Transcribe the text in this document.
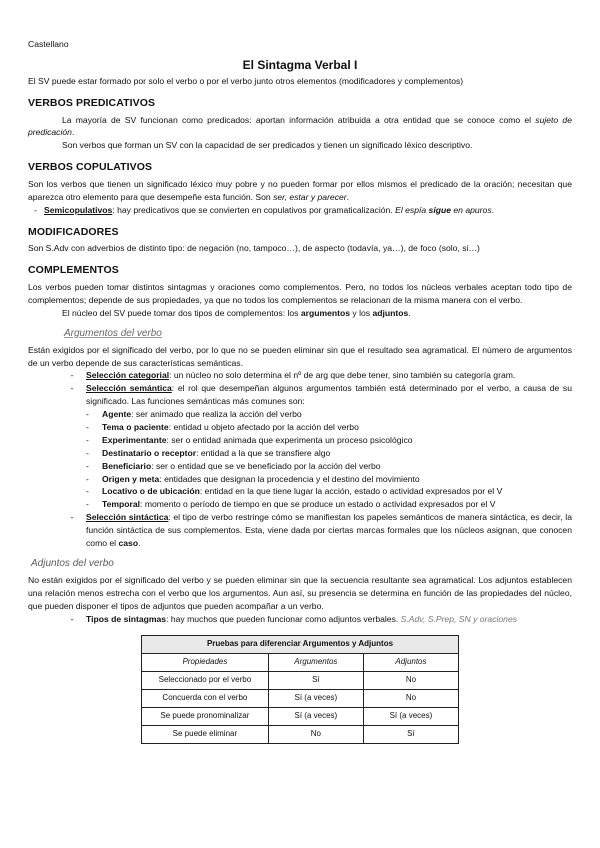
Castellano
El Sintagma Verbal I

El SV puede estar formado por solo el verbo o por el verbo junto otros elementos (modificadores y complementos)

VERBOS PREDICATIVOS

La mayoría de SV funcionan como predicados: aportan información atribuida a otra entidad que se conoce como el sujeto de predicación.

Son verbos que forman un SV con la capacidad de ser predicados y tienen un significado léxico descriptivo.

VERBOS COPULATIVOS

Son los verbos que tienen un significado léxico muy pobre y no pueden formar por ellos mismos el predicado de la oración; necesitan que aparezca otro elemento para que desempeñe esta función. Son ser, estar y parecer.

- Semicopulativos: hay predicativos que se convierten en copulativos por gramaticalización. El espía sigue en apuros.
MODIFICADORES

Son S.Adv con adverbios de distinto tipo: de negación (no, tampoco…), de aspecto (todavía, ya…), de foco (solo, si…)

COMPLEMENTOS

Los verbos pueden tomar distintos sintagmas y oraciones como complementos. Pero, no todos los núcleos verbales aceptan todo tipo de complementos; depende de sus propiedades, ya que no todos los complementos se relacionan de la misma manera con el verbo.

El núcleo del SV puede tomar dos tipos de complementos: los argumentos y los adjuntos.

Argumentos del verbo

Están exigidos por el significado del verbo, por lo que no se pueden eliminar sin que el resultado sea agramatical. El número de argumentos de un verbo depende de sus características semánticas.

-	Selección categorial: un núcleo no solo determina el nº de arg que debe tener, sino también su categoría gram.
-	Selección semántica: el rol que desempeñan algunos argumentos también está determinado por el verbo, a causa de su significado. Las funciones semánticas más comunes son:
-	Agente: ser animado que realiza la acción del verbo
-	Tema o paciente: entidad u objeto afectado por la acción del verbo
-	Experimentante: ser o entidad animada que experimenta un proceso psicológico
-	Destinatario o receptor: entidad a la que se transfiere algo
-	Beneficiario: ser o entidad que se ve beneficiado por la acción del verbo
-	Origen y meta: entidades que designan la procedencia y el destino del movimiento
-	Locativo o de ubicación: entidad en la que tiene lugar la acción, estado o actividad expresados por el V
-	Temporal: momento o período de tiempo en que se produce un estado o actividad expresados por el V
-	Selección sintáctica: el tipo de verbo restringe cómo se manifiestan los papeles semánticos de manera sintáctica, es decir, la función sintáctica de sus complementos. Esta, viene dada por ciertas marcas formales que los núcleos asignan, que conocen como el caso.
Adjuntos del verbo

No están exigidos por el significado del verbo y se pueden eliminar sin que la secuencia resultante sea agramatical. Los adjuntos establecen una relación menos estrecha con el verbo que los argumentos. Aun así, su presencia se determina en función de las propiedades del núcleo, que pueden disponer el tipos de adjuntos que pueden acompañar a un verbo.

-	Tipos de sintagmas: hay muchos que pueden funcionar como adjuntos verbales. S.Adv, S.Prep, SN y oraciones
Pruebas para diferenciar Argumentos y Adjuntos		
Propiedades	Argumentos	Adjuntos
Seleccionado por el verbo	Sí	No
Concuerda con el verbo	Sí (a veces)	No
Se puede pronominalizar	Sí (a veces)	Sí (a veces)
Se puede eliminar	No	Sí
